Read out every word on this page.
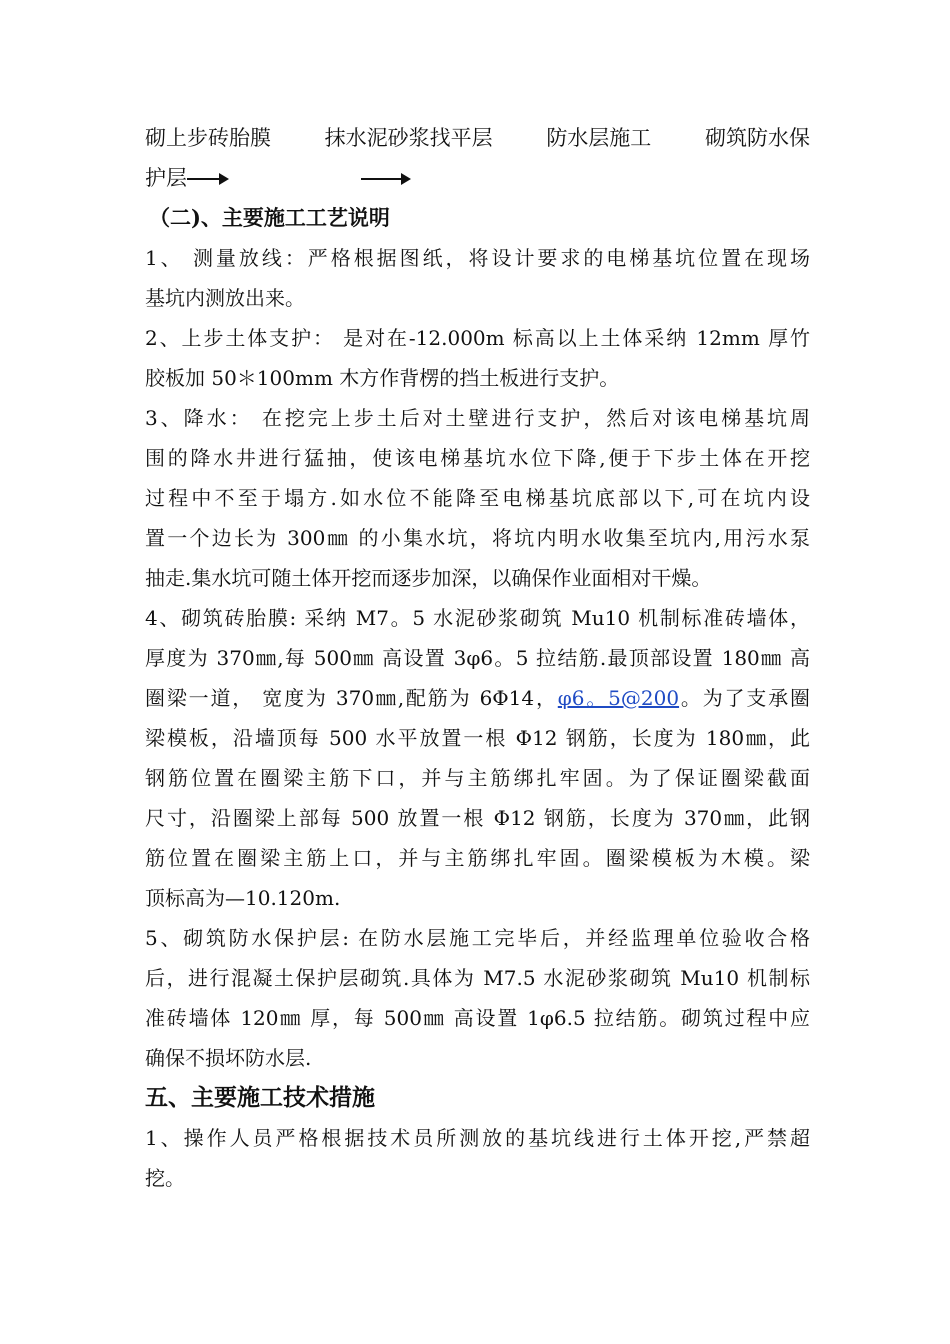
砌上步砖胎膜	抹水泥砂浆找平层	防水层施工	砌筑防水保
护层
（二)、主要施工工艺说明
1、 测量放线：严格根据图纸，将设计要求的电梯基坑位置在现场
基坑内测放出来。
2、上步土体支护： 是对在-12.000m 标高以上土体采纳 12mm 厚竹
胶板加 50＊100mm 木方作背楞的挡土板进行支护。
3、降水： 在挖完上步土后对土壁进行支护，然后对该电梯基坑周
围的降水井进行猛抽，使该电梯基坑水位下降,便于下步土体在开挖
过程中不至于塌方.如水位不能降至电梯基坑底部以下,可在坑内设
置一个边长为 300㎜ 的小集水坑，将坑内明水收集至坑内,用污水泵
抽走.集水坑可随土体开挖而逐步加深，以确保作业面相对干燥。
4、砌筑砖胎膜: 采纳 M7。5 水泥砂浆砌筑 Mu10 机制标准砖墙体，
厚度为 370㎜,每 500㎜ 高设置 3φ6。5 拉结筋.最顶部设置 180㎜ 高
圈梁一道， 宽度为 370㎜,配筋为 6Φ14，φ6。5@200。为了支承圈
梁模板，沿墙顶每 500 水平放置一根 Φ12 钢筋，长度为 180㎜，此
钢筋位置在圈梁主筋下口，并与主筋绑扎牢固。为了保证圈梁截面
尺寸，沿圈梁上部每 500 放置一根 Φ12 钢筋，长度为 370㎜，此钢
筋位置在圈梁主筋上口，并与主筋绑扎牢固。圈梁模板为木模。梁
顶标高为—10.120m.
5、砌筑防水保护层: 在防水层施工完毕后，并经监理单位验收合格
后，进行混凝土保护层砌筑.具体为 M7.5 水泥砂浆砌筑 Mu10 机制标
准砖墙体 120㎜ 厚，每 500㎜ 高设置 1φ6.5 拉结筋。砌筑过程中应
确保不损坏防水层.
五、主要施工技术措施
1、操作人员严格根据技术员所测放的基坑线进行土体开挖,严禁超
挖。
